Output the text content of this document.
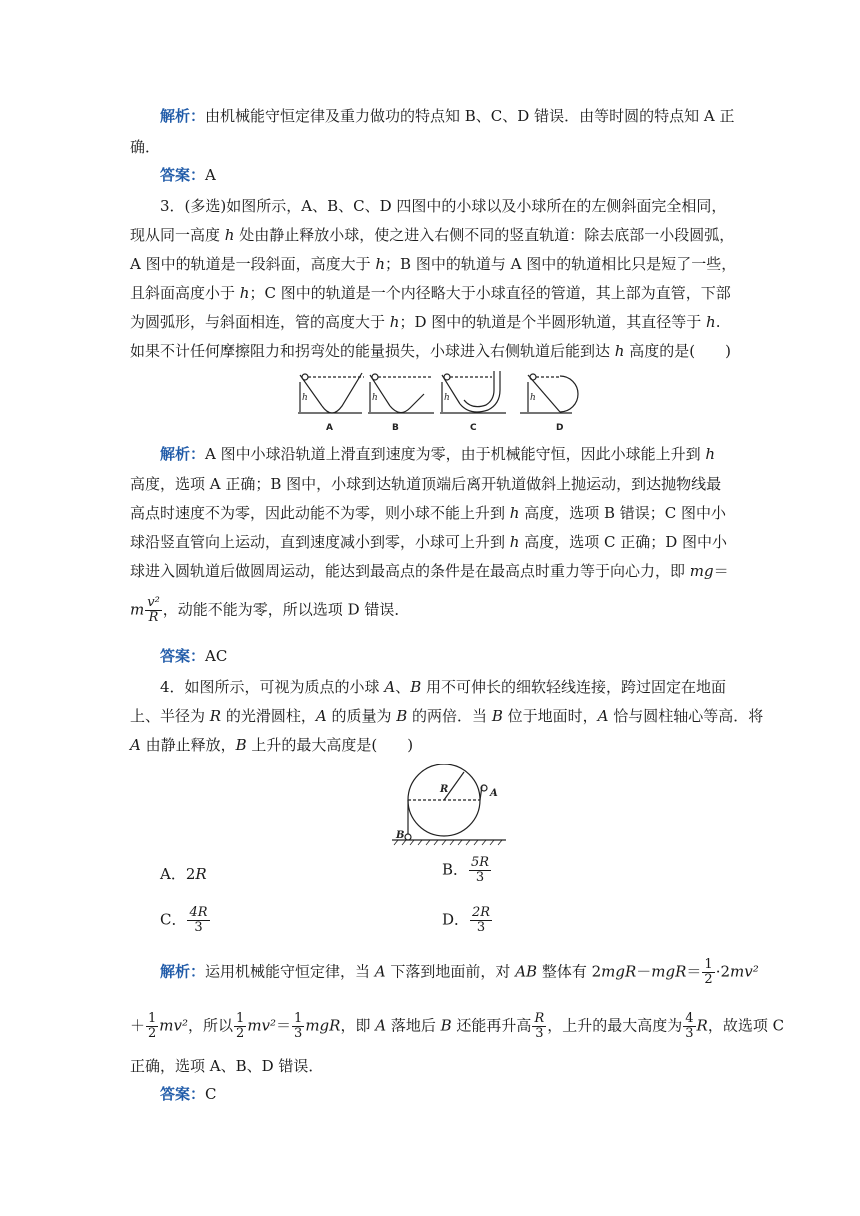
解析：由机械能守恒定律及重力做功的特点知 B、C、D 错误．由等时圆的特点知 A 正
确．
答案：A
3．(多选)如图所示，A、B、C、D 四图中的小球以及小球所在的左侧斜面完全相同，
现从同一高度 h 处由静止释放小球，使之进入右侧不同的竖直轨道：除去底部一小段圆弧，
A 图中的轨道是一段斜面，高度大于 h；B 图中的轨道与 A 图中的轨道相比只是短了一些，
且斜面高度小于 h；C 图中的轨道是一个内径略大于小球直径的管道，其上部为直管，下部
为圆弧形，与斜面相连，管的高度大于 h；D 图中的轨道是个半圆形轨道，其直径等于 h.
如果不计任何摩擦阻力和拐弯处的能量损失，小球进入右侧轨道后能到达 h 高度的是(　　)
h	h	h	h
A	B	C	D
解析：A 图中小球沿轨道上滑直到速度为零，由于机械能守恒，因此小球能上升到 h
高度，选项 A 正确；B 图中，小球到达轨道顶端后离开轨道做斜上抛运动，到达抛物线最
高点时速度不为零，因此动能不为零，则小球不能上升到 h 高度，选项 B 错误；C 图中小
球沿竖直管向上运动，直到速度减小到零，小球可上升到 h 高度，选项 C 正确；D 图中小
球进入圆轨道后做圆周运动，能达到最高点的条件是在最高点时重力等于向心力，即 mg＝
m $\frac{\text{v²}}{R}$ ，动能不能为零，所以选项 D 错误．
答案：AC
4．如图所示，可视为质点的小球 A、B 用不可伸长的细软轻线连接，跨过固定在地面
上、半径为 R 的光滑圆柱，A 的质量为 B 的两倍．当 B 位于地面时，A 恰与圆柱轴心等高．将
A 由静止释放，B 上升的最大高度是(　　)
R	A
B
A．2R	B． $\frac{5R}{3}$
C． $\frac{4R}{3}$	D． $\frac{2R}{3}$
解析：运用机械能守恒定律，当 A 下落到地面前，对 AB 整体有 $2mgR-mgR= \frac{1}{2} \cdot 2mv^2$
＋ $\frac{1}{2} mv^2$，所以 $\frac{1}{2} mv^2= \frac{1}{3}$ mgR，即 A 落地后 B 还能再升高 $\frac{R}{3}$ ，上升的最大高度为 $\frac{4}{3}$ R，故选项 C
正确，选项 A、B、D 错误．
答案：C
